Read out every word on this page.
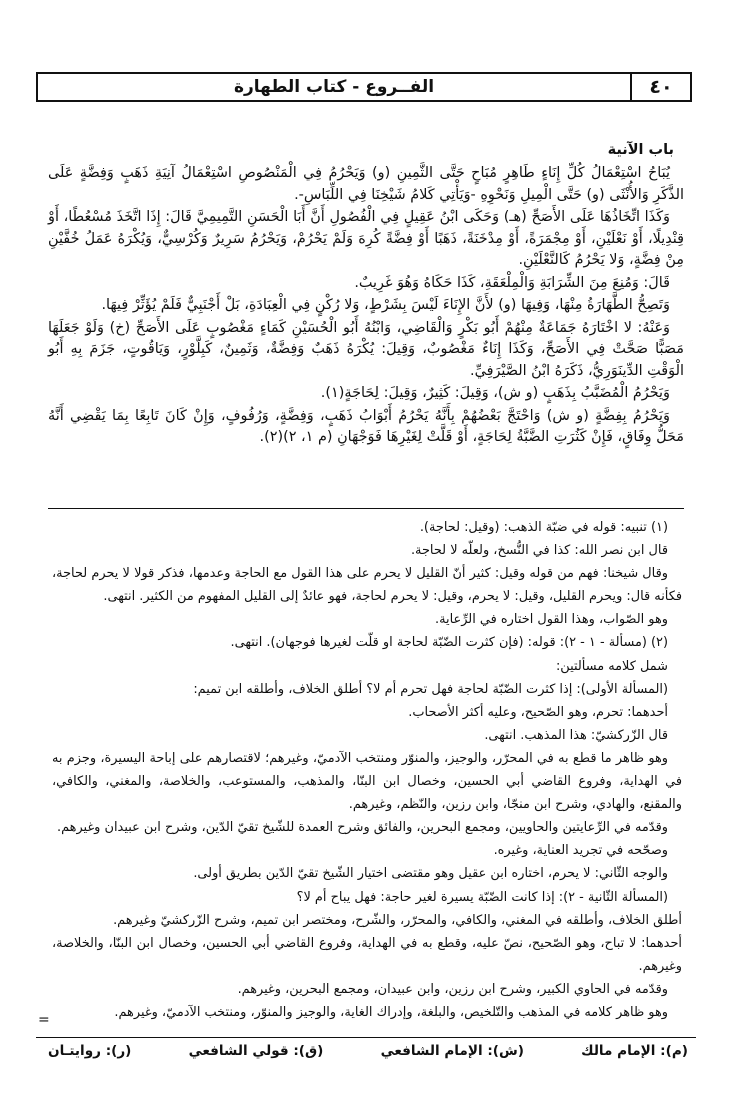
الفــروع - كتاب الطهارة	٤٠
باب الآنية

يُبَاحُ اسْتِعْمَالُ كُلِّ إِنَاءٍ طَاهِرٍ مُبَاحٍ حَتَّى الثَّمِينِ (و) وَيَحْرُمُ فِي الْمَنْصُوصِ اسْتِعْمَالُ آنِيَةِ ذَهَبٍ وَفِضَّةٍ عَلَى الذَّكَرِ وَالأُنْثَى (و) حَتَّى الْمِيلِ وَنَحْوِهِ -وَيَأْتِي كَلامُ شَيْخِنَا فِي اللِّبَاسِ-.

وَكَذَا اتِّخَاذُهَا عَلَى الأَصَحِّ (هـ) وَحَكَى ابْنُ عَقِيلٍ فِي الْفُصُولِ أَنَّ أَبَا الْحَسَنِ التَّمِيمِيَّ قَالَ: إِذَا اتَّخَذَ مُسْعُطًا، أَوْ قِنْدِيلًا، أَوْ نَعْلَيْنِ، أَوْ مِجْمَرَةً، أَوْ مِدْخَنَةً، ذَهَبًا أَوْ فِضَّةً كُرِهَ وَلَمْ يَحْرُمْ، وَيَحْرُمُ سَرِيرٌ وَكُرْسِيٌّ، وَيُكْرَهُ عَمَلُ خُفَّيْنِ مِنْ فِضَّةٍ، وَلا يَحْرُمُ كَالنَّعْلَيْنِ.

قَالَ: وَمُنِعَ مِنَ الشِّرَابَةِ وَالْمِلْعَقَةِ، كَذَا حَكَاهُ وَهُوَ غَرِيبٌ.

وَتَصِحُّ الطَّهَارَةُ مِنْهَا، وَفِيهَا (و) لأَنَّ الإِنَاءَ لَيْسَ بِشَرْطٍ، وَلا رُكْنٍ فِي الْعِبَادَةِ، بَلْ أَجْنَبِيٌّ فَلَمْ يُؤَثِّرْ فِيهَا.

وَعَنْهُ: لا اخْتَارَهُ جَمَاعَةٌ مِنْهُمْ أَبُو بَكْرٍ وَالْقَاضِي، وَابْنُهُ أَبُو الْحُسَيْنِ كَمَاءٍ مَغْصُوبٍ عَلَى الأَصَحِّ (خ) وَلَوْ جَعَلَهَا مَصَبًّا صَحَّتْ فِي الأَصَحِّ، وَكَذَا إِنَاءٌ مَغْصُوبٌ، وَقِيلَ: يُكْرَهُ ذَهَبٌ وَفِضَّةٌ، وَثَمِينٌ، كَبِلَّوْرٍ، وَيَاقُوتٍ، جَزَمَ بِهِ أَبُو الْوَقْتِ الدِّينَوَرِيُّ، ذَكَرَهُ ابْنُ الصَّيْرَفِيِّ.

وَيَحْرُمُ الْمُضَبَّبُ بِذَهَبٍ (و ش)، وَقِيلَ: كَثِيرٌ، وَقِيلَ: لِحَاجَةٍ(١).

وَيَحْرُمُ بِفِضَّةٍ (و ش) وَاحْتَجَّ بَعْضُهُمْ بِأَنَّهُ يَحْرُمُ أَبْوَابُ ذَهَبٍ، وَفِضَّةٍ، وَرُفُوفٍ، وَإِنْ كَانَ تَابِعًا بِمَا يَقْضِي أَنَّهُ مَحَلُّ وِفَاقٍ، فَإِنْ كَثُرَتِ الضَّبَّةُ لِحَاجَةٍ، أَوْ قَلَّتْ لِغَيْرِهَا فَوَجْهَانِ (م ١، ٢)(٢).

(١) تنبيه: قوله في ضبّة الذهب: (وقيل: لحاجة).

قال ابن نصر الله: كذا في النُّسخ، ولعلّه لا لحاجة.

وقال شيخنا: فهم من قوله وقيل: كثير أنّ القليل لا يحرم على هذا القول مع الحاجة وعدمها، فذكر قولا لا يحرم لحاجة، فكأنه قال: ويحرم القليل، وقيل: لا يحرم، وقيل: لا يحرم لحاجة، فهو عائدٌ إلى القليل المفهوم من الكثير. انتهى.

وهو الصّواب، وهذا القول اختاره في الرِّعاية.

(٢) (مسألة - ١ - ٢): قوله: (فإن كثرت الضّبّة لحاجة او قلّت لغيرها فوجهان). انتهى.

شمل كلامه مسألتين:

(المسألة الأولى): إذا كثرت الضّبّة لحاجة فهل تحرم أم لا؟ أطلق الخلاف، وأطلقه ابن تميم:

أحدهما: تحرم، وهو الصّحيح، وعليه أكثر الأصحاب.

قال الزّركشيّ: هذا المذهب. انتهى.

وهو ظاهر ما قطع به في المحرّر، والوجيز، والمنوّر ومنتخب الآدميّ، وغيرهم؛ لاقتصارهم على إباحة اليسيرة، وجزم به في الهداية، وفروع القاضي أبي الحسين، وخصال ابن البنّا، والمذهب، والمستوعب، والخلاصة، والمغني، والكافي، والمقنع، والهادي، وشرح ابن منجّا، وابن رزين، والنّظم، وغيرهم.

وقدّمه في الرِّعايتين والحاويين، ومجمع البحرين، والفائق وشرح العمدة للشّيخ تقيّ الدّين، وشرح ابن عبيدان وغيرهم.

وصحّحه في تجريد العناية، وغيره.

والوجه الثّاني: لا يحرم، اختاره ابن عقيل وهو مقتضى اختيار الشّيخ تقيّ الدّين بطريق أولى.

(المسألة الثّانية - ٢): إذا كانت الضّبّة يسيرة لغير حاجة: فهل يباح أم لا؟

أطلق الخلاف، وأطلقه في المغني، والكافي، والمحرّر، والشّرح، ومختصر ابن تميم، وشرح الزّركشيّ وغيرهم.

أحدهما: لا تباح، وهو الصّحيح، نصّ عليه، وقطع به في الهداية، وفروع القاضي أبي الحسين، وخصال ابن البنّا، والخلاصة، وغيرهم.

وقدّمه في الحاوي الكبير، وشرح ابن رزين، وابن عبيدان، ومجمع البحرين، وغيرهم.

وهو ظاهر كلامه في المذهب والتّلخيص، والبلغة، وإدراك الغاية، والوجيز والمنوّر، ومنتخب الآدميّ، وغيرهم.

=
(م): الإمام مالك
(ش): الإمام الشافعي
(ق): قولي الشافعي
(ر): روايتـان
